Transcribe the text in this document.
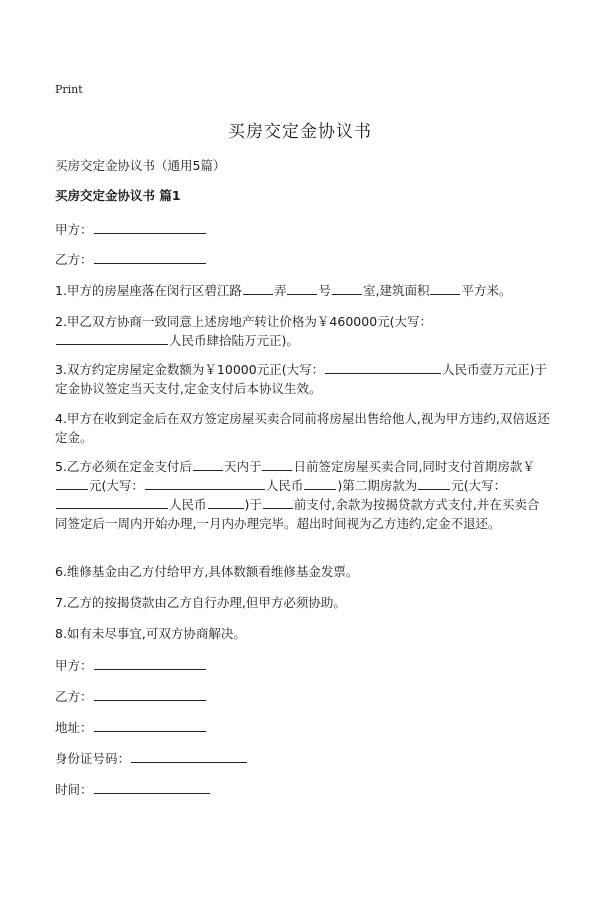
Print
买房交定金协议书
买房交定金协议书（通用5篇）
买房交定金协议书 篇1
甲方：
乙方：
1.甲方的房屋座落在闵行区碧江路	弄	号	室,建筑面积	平方米。
2.甲乙双方协商一致同意上述房地产转让价格为￥460000元(大写：
人民币肆拾陆万元正)。
3.双方约定房屋定金数额为￥10000元正(大写：	人民币壹万元正)于定金协议签定当天支付,定金支付后本协议生效。
4.甲方在收到定金后在双方签定房屋买卖合同前将房屋出售给他人,视为甲方违约,双倍返还定金。
5.乙方必须在定金支付后	天内于	日前签定房屋买卖合同,同时支付首期房款￥元(大写：	人民币	)第二期房款为	元(大写：人民币	)于	前支付,余款为按揭贷款方式支付,并在买卖合同签定后一周内开始办理,一月内办理完毕。超出时间视为乙方违约,定金不退还。
6.维修基金由乙方付给甲方,具体数额看维修基金发票。
7.乙方的按揭贷款由乙方自行办理,但甲方必须协助。
8.如有未尽事宜,可双方协商解决。
甲方：
乙方：
地址：
身份证号码：
时间：
